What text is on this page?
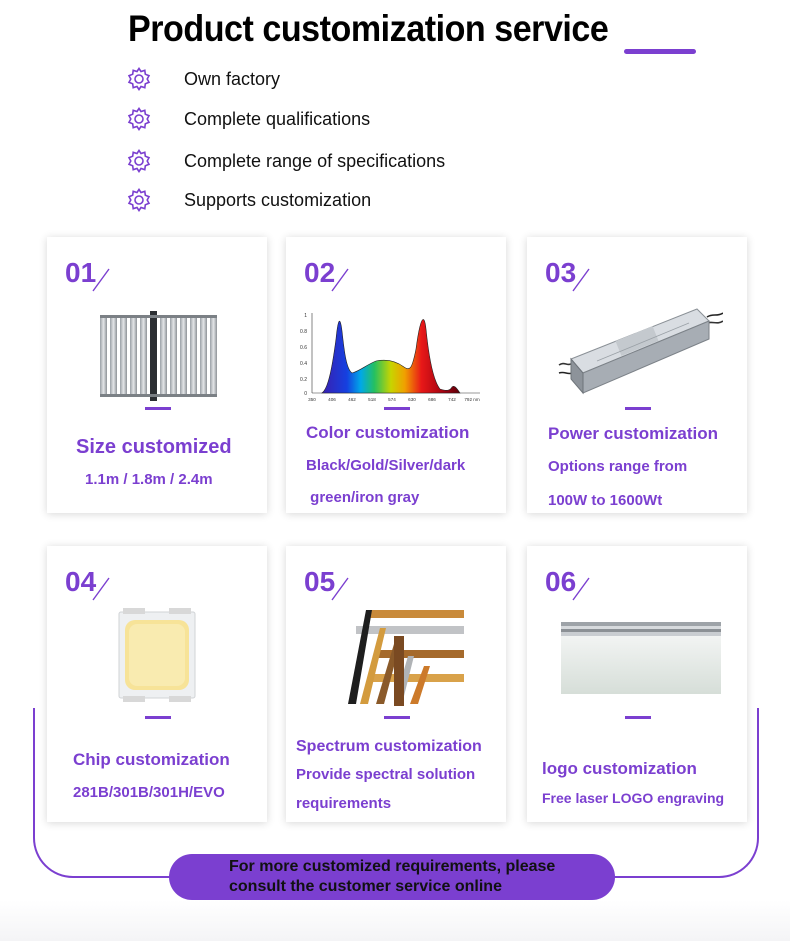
Product customization service
Own factory
Complete qualifications
Complete range of specifications
Supports customization
01
Size customized
1.1m / 1.8m / 2.4m
02
1
0.8
0.6
0.4
0.2
0
350	406	462	518	574	630	686	742 792 nm
Color customization
Black/Gold/Silver/dark
green/iron gray
03
Power customization
Options range from
100W to 1600Wt
04
Chip customization
281B/301B/301H/EVO
05
Spectrum customization
Provide spectral solution
requirements
06
logo customization
Free laser LOGO engraving
For more customized requirements, please
consult the customer service online
